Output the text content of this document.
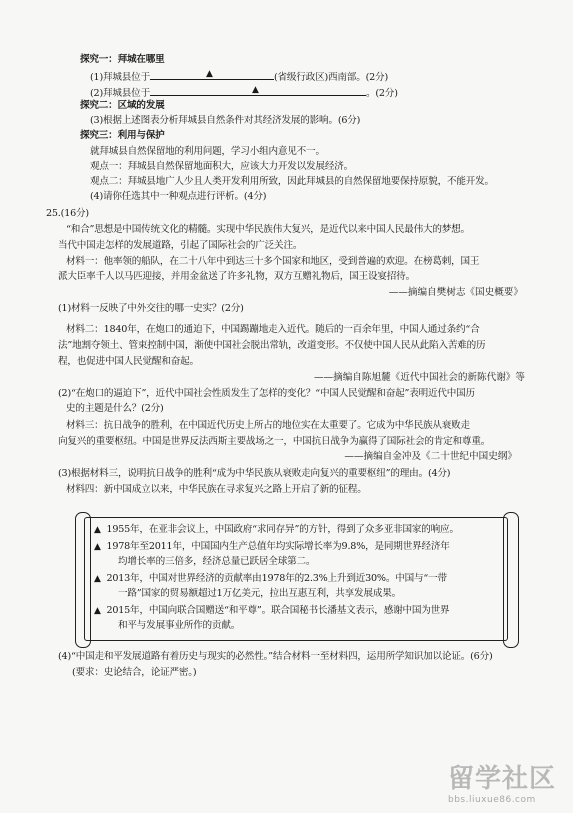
探究一：拜城在哪里
(1)拜城县位于	▲	(省级行政区)西南部。(2分)
(2)拜城县位于	▲	。(2分)
探究二：区域的发展
(3)根据上述图表分析拜城县自然条件对其经济发展的影响。(6分)
探究三：利用与保护
就拜城县自然保留地的利用问题，学习小组内意见不一。
观点一：拜城县自然保留地面积大，应该大力开发以发展经济。
观点二：拜城县地广人少且人类开发利用所致，因此拜城县的自然保留地要保持原貌，不能开发。
(4)请你任选其中一种观点进行评析。(4分)
25.(16分)
“和合”思想是中国传统文化的精髓。实现中华民族伟大复兴，是近代以来中国人民最伟大的梦想。
当代中国走怎样的发展道路，引起了国际社会的广泛关注。
材料一：他率领的船队，在二十八年中到达三十多个国家和地区，受到普遍的欢迎。在榜葛剌，国王
派大臣率千人以马匹迎接，并用金盆送了许多礼物，双方互赠礼物后，国王设宴招待。
——摘编自樊树志《国史概要》
(1)材料一反映了中外交往的哪一史实？(2分)
材料二：1840年，在炮口的通迫下，中国踢蹦地走入近代。随后的一百余年里，中国人通过条约“合
法”地割夺领土、管束控制中国，渐使中国社会脱出常轨，改道变形。不仅使中国人民从此陷入苦难的历
程，也促进中国人民觉醒和奋起。
——摘编自陈旭麓《近代中国社会的新陈代谢》等
(2)“在炮口的逼迫下”，近代中国社会性质发生了怎样的变化？“中国人民觉醒和奋起”表明近代中国历
史的主题是什么？(2分)
材料三：抗日战争的胜利，在中国近代历史上所占的地位实在太重要了。它成为中华民族从衰败走
向复兴的重要枢纽。中国是世界反法西斯主要战场之一，中国抗日战争为赢得了国际社会的肯定和尊重。
——摘编自金冲及《二十世纪中国史纲》
(3)根据材料三，说明抗日战争的胜利“成为中华民族从衰败走向复兴的重要枢纽”的理由。(4分)
材料四：新中国成立以来，中华民族在寻求复兴之路上开启了新的征程。
▲ 1955年，在亚非会议上，中国政府“求同存异”的方针，得到了众多亚非国家的响应。
▲ 1978年至2011年，中国国内生产总值年均实际增长率为9.8%，是同期世界经济年
均增长率的三倍多，经济总量已跃居全球第二。
▲ 2013年，中国对世界经济的贡献率由1978年的2.3%上升到近30%。中国与“一带
一路”国家的贸易额超过1万亿美元，拉出互惠互利，共享发展成果。
▲ 2015年，中国向联合国赠送“和平尊”。联合国秘书长潘基文表示，感谢中国为世界
和平与发展事业所作的贡献。
(4)“中国走和平发展道路有着历史与现实的必然性。”结合材料一至材料四，运用所学知识加以论证。(6分)
(要求：史论结合，论证严密。)
留学社区
bbs.liuxue86.com
